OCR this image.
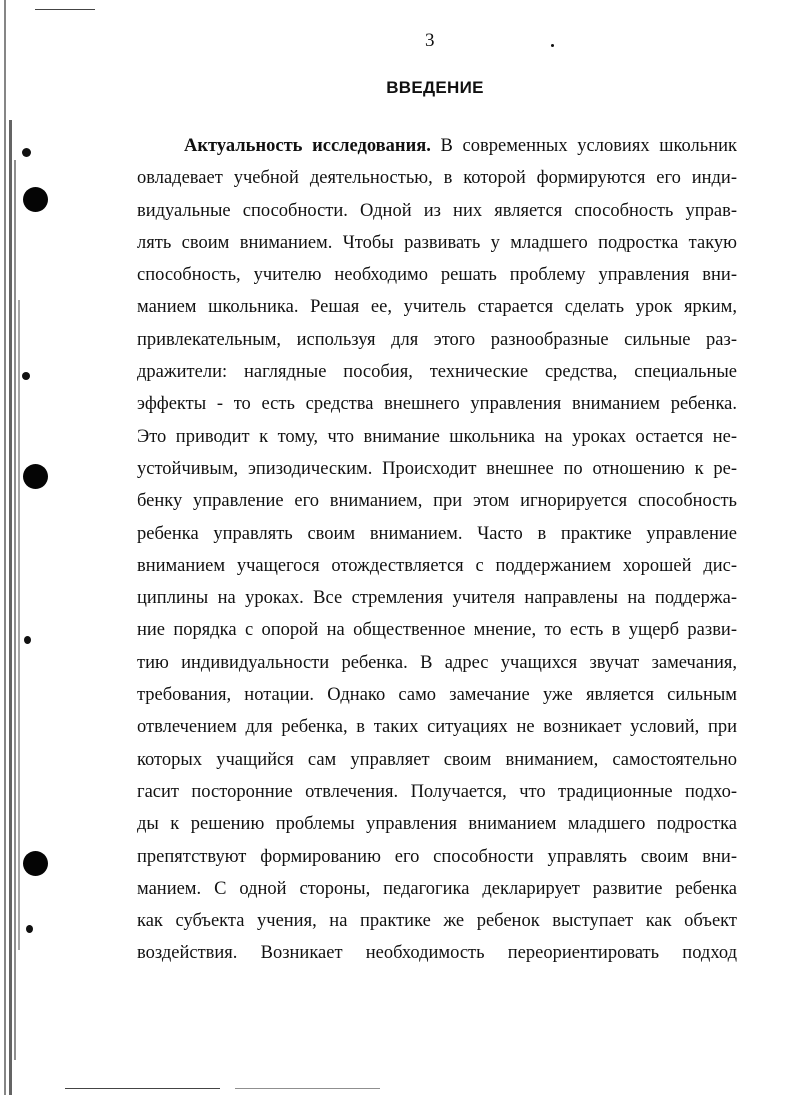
3
ВВЕДЕНИЕ
Актуальность исследования. В современных условиях школьник
овладевает учебной деятельностью, в которой формируются его инди-
видуальные способности. Одной из них является способность управ-
лять своим вниманием. Чтобы развивать у младшего подростка такую
способность, учителю необходимо решать проблему управления вни-
манием школьника. Решая ее, учитель старается сделать урок ярким,
привлекательным, используя для этого разнообразные сильные раз-
дражители: наглядные пособия, технические средства, специальные
эффекты - то есть средства внешнего управления вниманием ребенка.
Это приводит к тому, что внимание школьника на уроках остается не-
устойчивым, эпизодическим. Происходит внешнее по отношению к ре-
бенку управление его вниманием, при этом игнорируется способность
ребенка управлять своим вниманием. Часто в практике управление
вниманием учащегося отождествляется с поддержанием хорошей дис-
циплины на уроках. Все стремления учителя направлены на поддержа-
ние порядка с опорой на общественное мнение, то есть в ущерб разви-
тию индивидуальности ребенка. В адрес учащихся звучат замечания,
требования, нотации. Однако само замечание уже является сильным
отвлечением для ребенка, в таких ситуациях не возникает условий, при
которых учащийся сам управляет своим вниманием, самостоятельно
гасит посторонние отвлечения. Получается, что традиционные подхо-
ды к решению проблемы управления вниманием младшего подростка
препятствуют формированию его способности управлять своим вни-
манием. С одной стороны, педагогика декларирует развитие ребенка
как субъекта учения, на практике же ребенок выступает как объект
воздействия. Возникает необходимость переориентировать подход
